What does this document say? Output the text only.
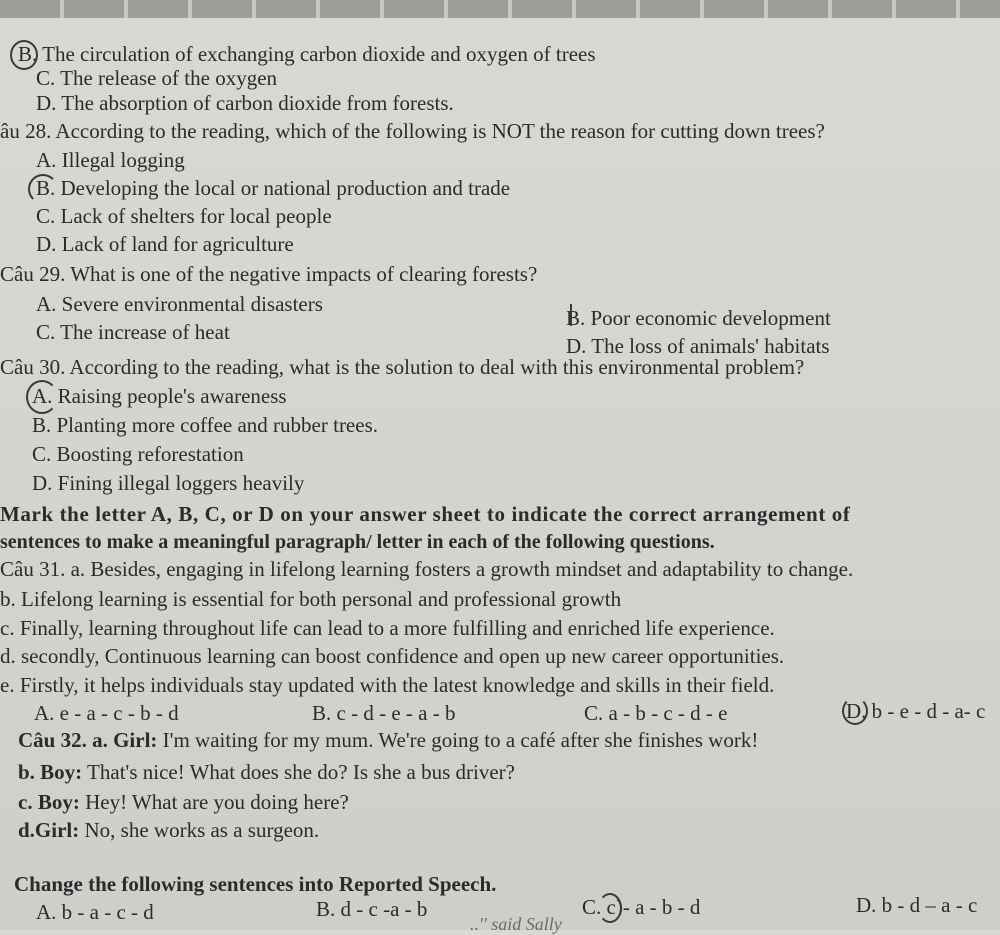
B. The circulation of exchanging carbon dioxide and oxygen of trees
C. The release of the oxygen
D. The absorption of carbon dioxide from forests.
âu 28. According to the reading, which of the following is NOT the reason for cutting down trees?
A. Illegal logging
B. Developing the local or national production and trade
C. Lack of shelters for local people
D. Lack of land for agriculture
Câu 29. What is one of the negative impacts of clearing forests?
A. Severe environmental disasters
B. Poor economic development
C. The increase of heat
D. The loss of animals' habitats
Câu 30. According to the reading, what is the solution to deal with this environmental problem?
A. Raising people's awareness
B. Planting more coffee and rubber trees.
C. Boosting reforestation
D. Fining illegal loggers heavily
Mark the letter A, B, C, or D on your answer sheet to indicate the correct arrangement of
sentences to make a meaningful paragraph/ letter in each of the following questions.
Câu 31. a. Besides, engaging in lifelong learning fosters a growth mindset and adaptability to change.
b. Lifelong learning is essential for both personal and professional growth
c. Finally, learning throughout life can lead to a more fulfilling and enriched life experience.
d. secondly, Continuous learning can boost confidence and open up new career opportunities.
e. Firstly, it helps individuals stay updated with the latest knowledge and skills in their field.
A. e - a - c - b - d	B. c - d - e - a - b	C. a - b - c - d - e	D. b - e - d - a- c
Câu 32. a. Girl: I'm waiting for my mum. We're going to a café after she finishes work!
b. Boy: That's nice! What does she do? Is she a bus driver?
c. Boy: Hey! What are you doing here?
d.Girl: No, she works as a surgeon.
Change the following sentences into Reported Speech.
A. b - a - c - d	B. d - c -a - b	C. c)- a - b - d	D. b - d – a - c
..'' said Sally
